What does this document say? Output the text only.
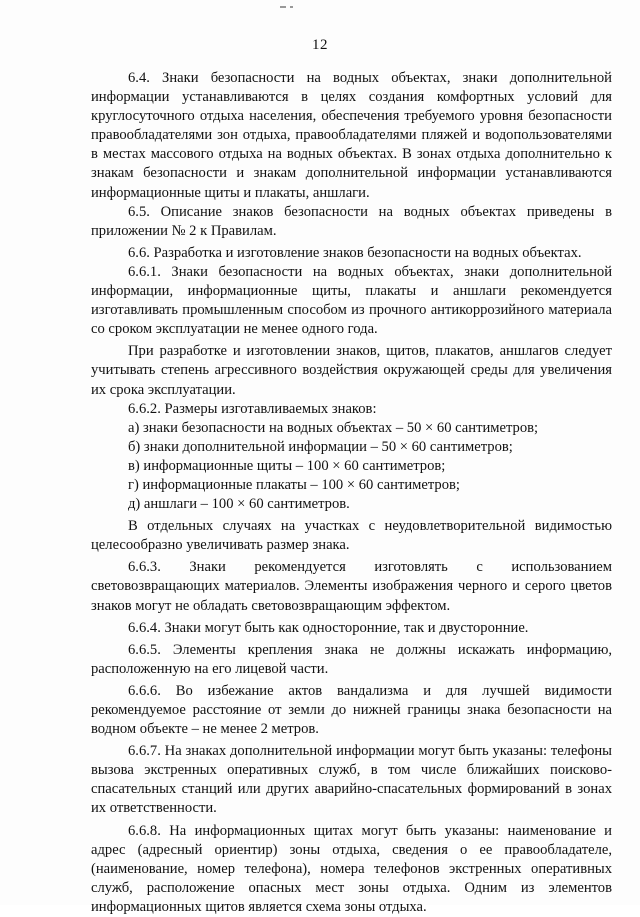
12

6.4. Знаки безопасности на водных объектах, знаки дополнительной информации устанавливаются в целях создания комфортных условий для круглосуточного отдыха населения, обеспечения требуемого уровня безопасности правообладателями зон отдыха, правообладателями пляжей и водопользователями в местах массового отдыха на водных объектах. В зонах отдыха дополнительно к знакам безопасности и знакам дополнительной информации устанавливаются информационные щиты и плакаты, аншлаги.

6.5. Описание знаков безопасности на водных объектах приведены в приложении № 2 к Правилам.

6.6. Разработка и изготовление знаков безопасности на водных объектах.

6.6.1. Знаки безопасности на водных объектах, знаки дополнительной информации, информационные щиты, плакаты и аншлаги рекомендуется изготавливать промышленным способом из прочного антикоррозийного материала со сроком эксплуатации не менее одного года.

При разработке и изготовлении знаков, щитов, плакатов, аншлагов следует учитывать степень агрессивного воздействия окружающей среды для увеличения их срока эксплуатации.

6.6.2. Размеры изготавливаемых знаков:

а) знаки безопасности на водных объектах – 50 × 60 сантиметров;

б) знаки дополнительной информации – 50 × 60 сантиметров;

в) информационные щиты – 100 × 60 сантиметров;

г) информационные плакаты – 100 × 60 сантиметров;

д) аншлаги – 100 × 60 сантиметров.

В отдельных случаях на участках с неудовлетворительной видимостью целесообразно увеличивать размер знака.

6.6.3. Знаки рекомендуется изготовлять с использованием световозвращающих материалов. Элементы изображения черного и серого цветов знаков могут не обладать световозвращающим эффектом.

6.6.4. Знаки могут быть как односторонние, так и двусторонние.

6.6.5. Элементы крепления знака не должны искажать информацию, расположенную на его лицевой части.

6.6.6. Во избежание актов вандализма и для лучшей видимости рекомендуемое расстояние от земли до нижней границы знака безопасности на водном объекте – не менее 2 метров.

6.6.7. На знаках дополнительной информации могут быть указаны: телефоны вызова экстренных оперативных служб, в том числе ближайших поисково-спасательных станций или других аварийно-спасательных формирований в зонах их ответственности.

6.6.8. На информационных щитах могут быть указаны: наименование и адрес (адресный ориентир) зоны отдыха, сведения о ее правообладателе, (наименование, номер телефона), номера телефонов экстренных оперативных служб, расположение опасных мест зоны отдыха. Одним из элементов информационных щитов является схема зоны отдыха.
